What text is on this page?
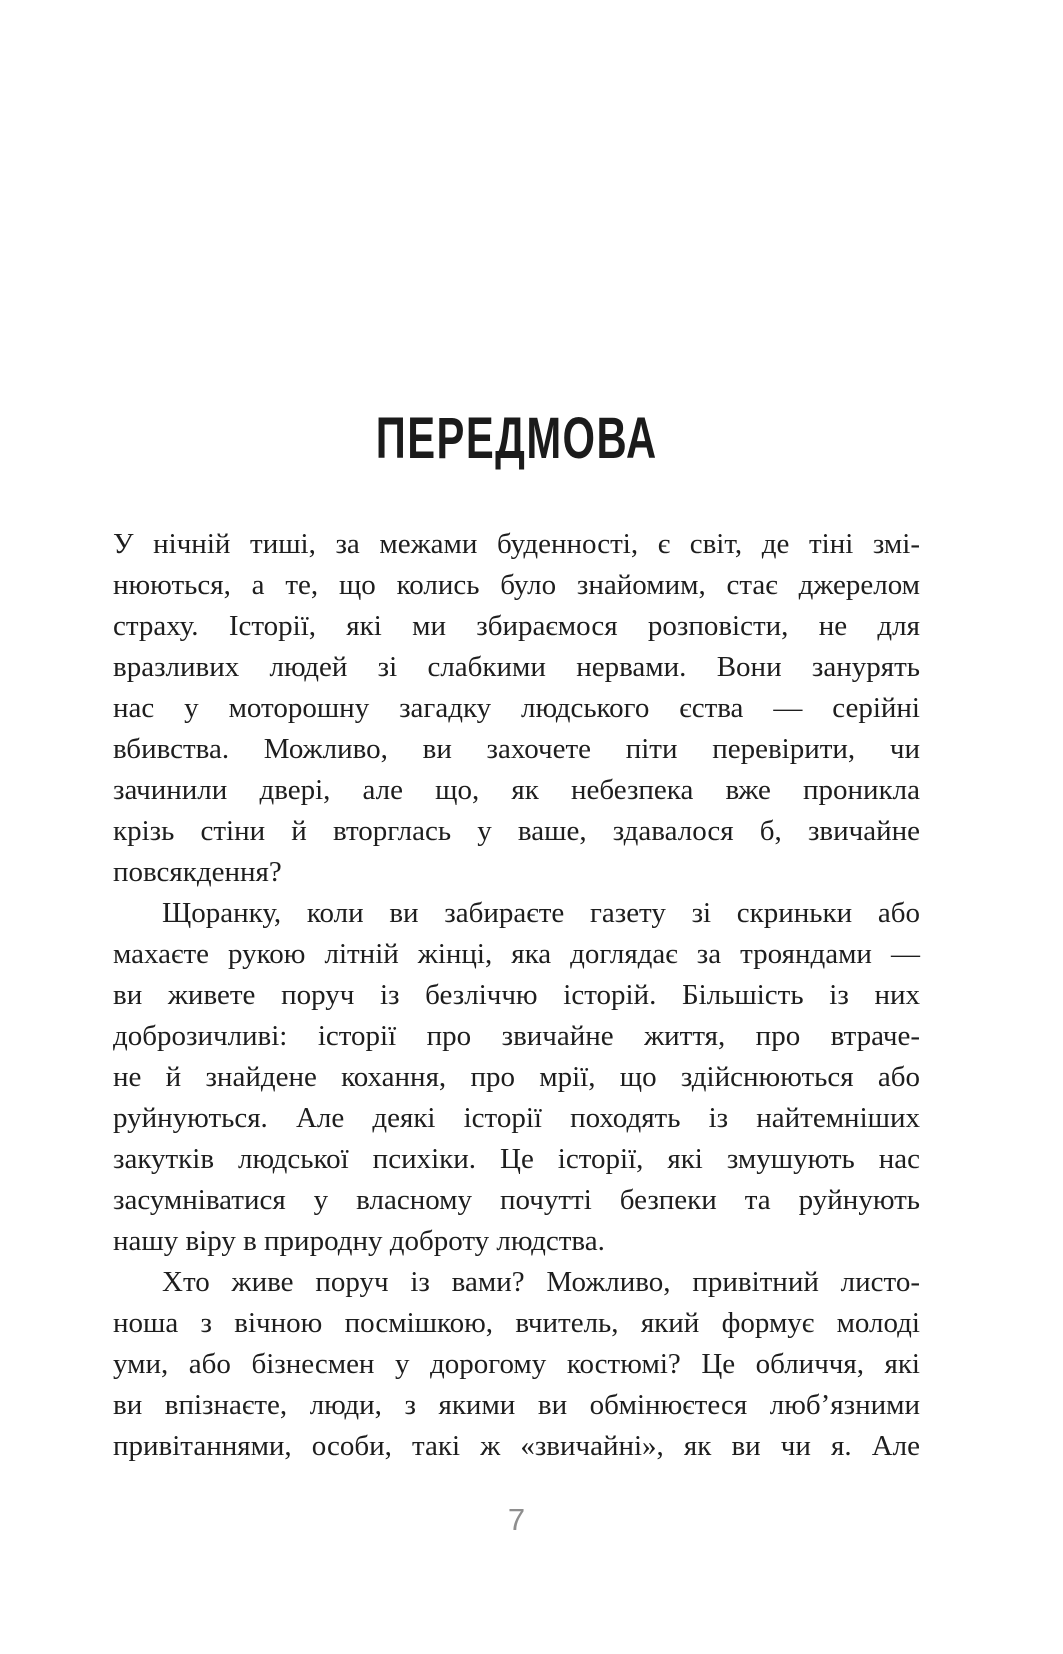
ПЕРЕДМОВА
У нічній тиші, за межами буденності, є світ, де тіні змі-
нюються, а те, що колись було знайомим, стає джерелом
страху. Історії, які ми збираємося розповісти, не для
вразливих людей зі слабкими нервами. Вони занурять
нас у моторошну загадку людського єства — серійні
вбивства. Можливо, ви захочете піти перевірити, чи
зачинили двері, але що, як небезпека вже проникла
крізь стіни й вторглась у ваше, здавалося б, звичайне
повсякдення?
Щоранку, коли ви забираєте газету зі скриньки або
махаєте рукою літній жінці, яка доглядає за трояндами —
ви живете поруч із безліччю історій. Більшість із них
доброзичливі: історії про звичайне життя, про втраче-
не й знайдене кохання, про мрії, що здійснюються або
руйнуються. Але деякі історії походять із найтемніших
закутків людської психіки. Це історії, які змушують нас
засумніватися у власному почутті безпеки та руйнують
нашу віру в природну доброту людства.
Хто живе поруч із вами? Можливо, привітний листо-
ноша з вічною посмішкою, вчитель, який формує молоді
уми, або бізнесмен у дорогому костюмі? Це обличчя, які
ви впізнаєте, люди, з якими ви обмінюєтеся люб’язними
привітаннями, особи, такі ж «звичайні», як ви чи я. Але
7
